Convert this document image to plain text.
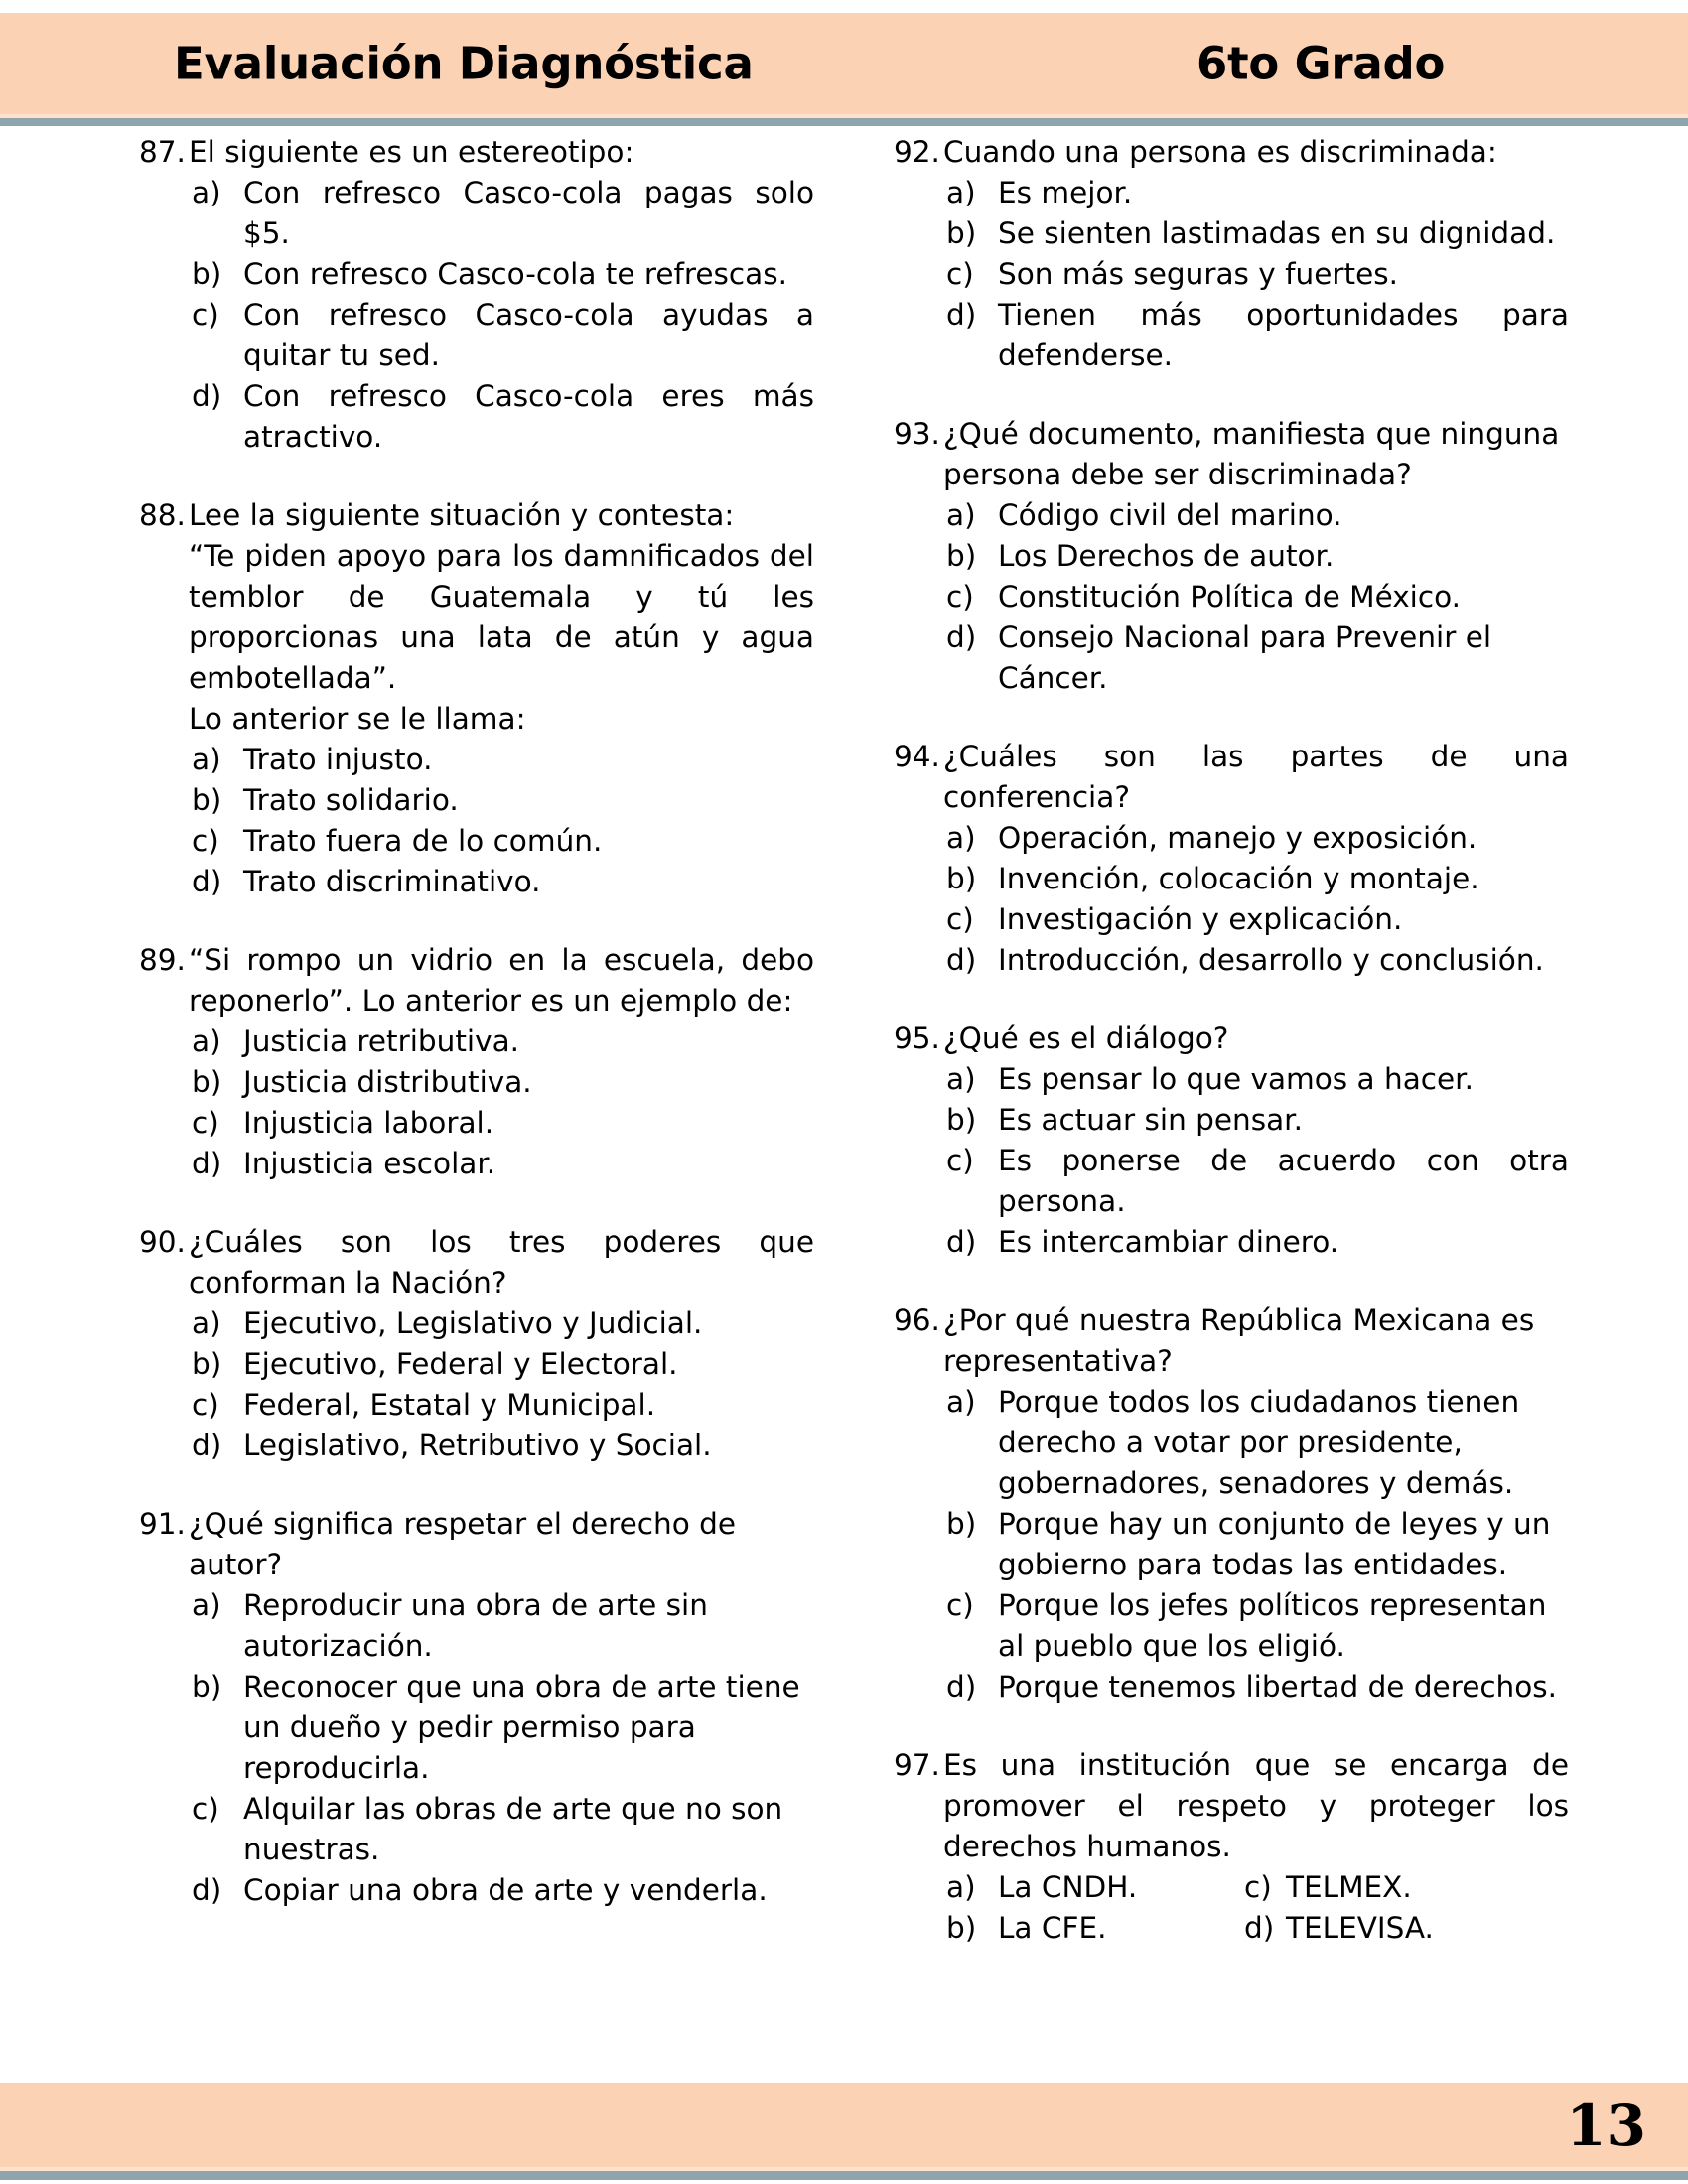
Evaluación Diagnóstica	6to Grado
87. El siguiente es un estereotipo:
a) Con refresco Casco-cola pagas solo $5.
b) Con refresco Casco-cola te refrescas.
c) Con refresco Casco-cola ayudas a quitar tu sed.
d) Con refresco Casco-cola eres más atractivo.
88. Lee la siguiente situación y contesta:
“Te piden apoyo para los damnificados del temblor de Guatemala y tú les proporcionas una lata de atún y agua embotellada”.
Lo anterior se le llama:
a) Trato injusto.
b) Trato solidario.
c) Trato fuera de lo común.
d) Trato discriminativo.
89. “Si rompo un vidrio en la escuela, debo reponerlo”. Lo anterior es un ejemplo de:
a) Justicia retributiva.
b) Justicia distributiva.
c) Injusticia laboral.
d) Injusticia escolar.
90. ¿Cuáles son los tres poderes que conforman la Nación?
a) Ejecutivo, Legislativo y Judicial.
b) Ejecutivo, Federal y Electoral.
c) Federal, Estatal y Municipal.
d) Legislativo, Retributivo y Social.
91. ¿Qué significa respetar el derecho de autor?
a) Reproducir una obra de arte sin autorización.
b) Reconocer que una obra de arte tiene un dueño y pedir permiso para reproducirla.
c) Alquilar las obras de arte que no son nuestras.
d) Copiar una obra de arte y venderla.
92. Cuando una persona es discriminada:
a) Es mejor.
b) Se sienten lastimadas en su dignidad.
c) Son más seguras y fuertes.
d) Tienen más oportunidades para defenderse.
93. ¿Qué documento, manifiesta que ninguna persona debe ser discriminada?
a) Código civil del marino.
b) Los Derechos de autor.
c) Constitución Política de México.
d) Consejo Nacional para Prevenir el Cáncer.
94. ¿Cuáles son las partes de una conferencia?
a) Operación, manejo y exposición.
b) Invención, colocación y montaje.
c) Investigación y explicación.
d) Introducción, desarrollo y conclusión.
95. ¿Qué es el diálogo?
a) Es pensar lo que vamos a hacer.
b) Es actuar sin pensar.
c) Es ponerse de acuerdo con otra persona.
d) Es intercambiar dinero.
96. ¿Por qué nuestra República Mexicana es representativa?
a) Porque todos los ciudadanos tienen derecho a votar por presidente, gobernadores, senadores y demás.
b) Porque hay un conjunto de leyes y un gobierno para todas las entidades.
c) Porque los jefes políticos representan al pueblo que los eligió.
d) Porque tenemos libertad de derechos.
97. Es una institución que se encarga de promover el respeto y proteger los derechos humanos.
a) La CNDH.	c) TELMEX.
b) La CFE.	d) TELEVISA.
13
